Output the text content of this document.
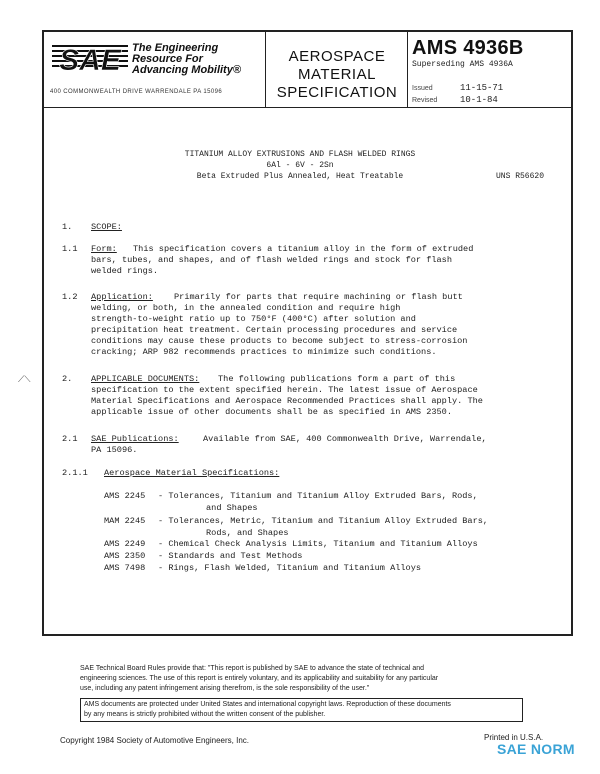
SAE The Engineering
Resource For
Advancing Mobility®
400 COMMONWEALTH DRIVE WARRENDALE PA 15096
AEROSPACE
MATERIAL
SPECIFICATION
AMS 4936B
Superseding AMS 4936A
Issued	11-15-71
Revised	10-1-84
TITANIUM ALLOY EXTRUSIONS AND FLASH WELDED RINGS
6Al - 6V - 2Sn
Beta Extruded Plus Annealed, Heat Treatable	UNS R56620
1. SCOPE:
1.1 Form: This specification covers a titanium alloy in the form of extruded
bars, tubes, and shapes, and of flash welded rings and stock for flash
welded rings.
1.2 Application: Primarily for parts that require machining or flash butt
welding, or both, in the annealed condition and require high
strength-to-weight ratio up to 750°F (400°C) after solution and
precipitation heat treatment. Certain processing procedures and service
conditions may cause these products to become subject to stress-corrosion
cracking; ARP 982 recommends practices to minimize such conditions.
⟋⟍	2. APPLICABLE DOCUMENTS: The following publications form a part of this
specification to the extent specified herein. The latest issue of Aerospace
Material Specifications and Aerospace Recommended Practices shall apply. The
applicable issue of other documents shall be as specified in AMS 2350.
2.1 SAE Publications:	Available from SAE, 400 Commonwealth Drive, Warrendale,
PA 15096.
2.1.1 Aerospace Material Specifications:
AMS 2245 - Tolerances, Titanium and Titanium Alloy Extruded Bars, Rods,
and Shapes
MAM 2245 - Tolerances, Metric, Titanium and Titanium Alloy Extruded Bars,
Rods, and Shapes
AMS 2249 - Chemical Check Analysis Limits, Titanium and Titanium Alloys
AMS 2350 - Standards and Test Methods
AMS 7498 - Rings, Flash Welded, Titanium and Titanium Alloys
SAE Technical Board Rules provide that: "This report is published by SAE to advance the state of technical and
engineering sciences. The use of this report is entirely voluntary, and its applicability and suitability for any particular
use, including any patent infringement arising therefrom, is the sole responsibility of the user."
AMS documents are protected under United States and international copyright laws. Reproduction of these documents
by any means is strictly prohibited without the written consent of the publisher.
Copyright 1984 Society of Automotive Engineers, Inc.	Printed in U.S.A.
SAE NORM
